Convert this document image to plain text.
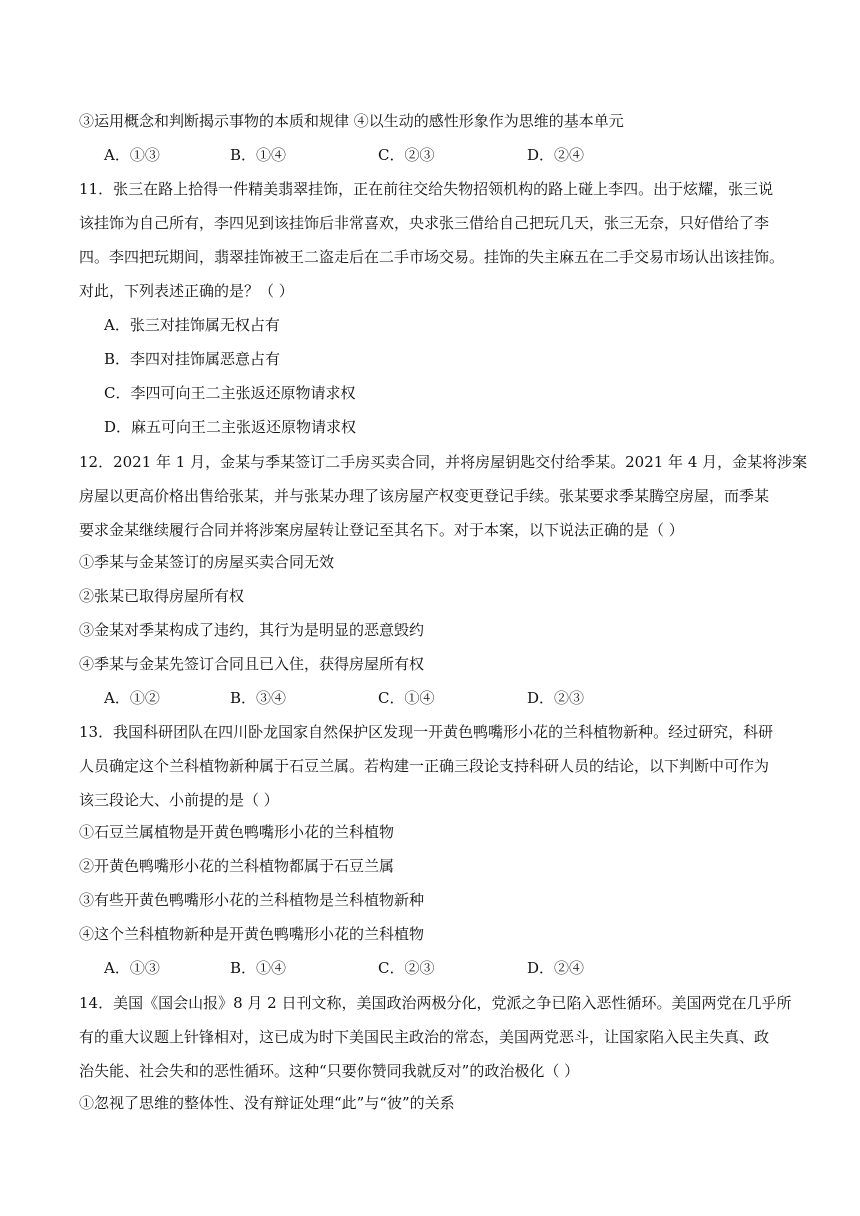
③运用概念和判断揭示事物的本质和规律 ④以生动的感性形象作为思维的基本单元
A．①③	B．①④	C．②③	D．②④
11．张三在路上拾得一件精美翡翠挂饰，正在前往交给失物招领机构的路上碰上李四。出于炫耀，张三说
该挂饰为自己所有，李四见到该挂饰后非常喜欢，央求张三借给自己把玩几天，张三无奈，只好借给了李
四。李四把玩期间，翡翠挂饰被王二盗走后在二手市场交易。挂饰的失主麻五在二手交易市场认出该挂饰。
对此，下列表述正确的是？（ ）
A．张三对挂饰属无权占有
B．李四对挂饰属恶意占有
C．李四可向王二主张返还原物请求权
D．麻五可向王二主张返还原物请求权
12．2021 年 1 月，金某与季某签订二手房买卖合同，并将房屋钥匙交付给季某。2021 年 4 月，金某将涉案
房屋以更高价格出售给张某，并与张某办理了该房屋产权变更登记手续。张某要求季某腾空房屋，而季某
要求金某继续履行合同并将涉案房屋转让登记至其名下。对于本案，以下说法正确的是（ ）
①季某与金某签订的房屋买卖合同无效
②张某已取得房屋所有权
③金某对季某构成了违约，其行为是明显的恶意毁约
④季某与金某先签订合同且已入住，获得房屋所有权
A．①②	B．③④	C．①④	D．②③
13．我国科研团队在四川卧龙国家自然保护区发现一开黄色鸭嘴形小花的兰科植物新种。经过研究，科研
人员确定这个兰科植物新种属于石豆兰属。若构建一正确三段论支持科研人员的结论，以下判断中可作为
该三段论大、小前提的是（ ）
①石豆兰属植物是开黄色鸭嘴形小花的兰科植物
②开黄色鸭嘴形小花的兰科植物都属于石豆兰属
③有些开黄色鸭嘴形小花的兰科植物是兰科植物新种
④这个兰科植物新种是开黄色鸭嘴形小花的兰科植物
A．①③	B．①④	C．②③	D．②④
14．美国《国会山报》8 月 2 日刊文称，美国政治两极分化，党派之争已陷入恶性循环。美国两党在几乎所
有的重大议题上针锋相对，这已成为时下美国民主政治的常态，美国两党恶斗，让国家陷入民主失真、政
治失能、社会失和的恶性循环。这种“只要你赞同我就反对”的政治极化（ ）
①忽视了思维的整体性、没有辩证处理“此”与“彼”的关系
